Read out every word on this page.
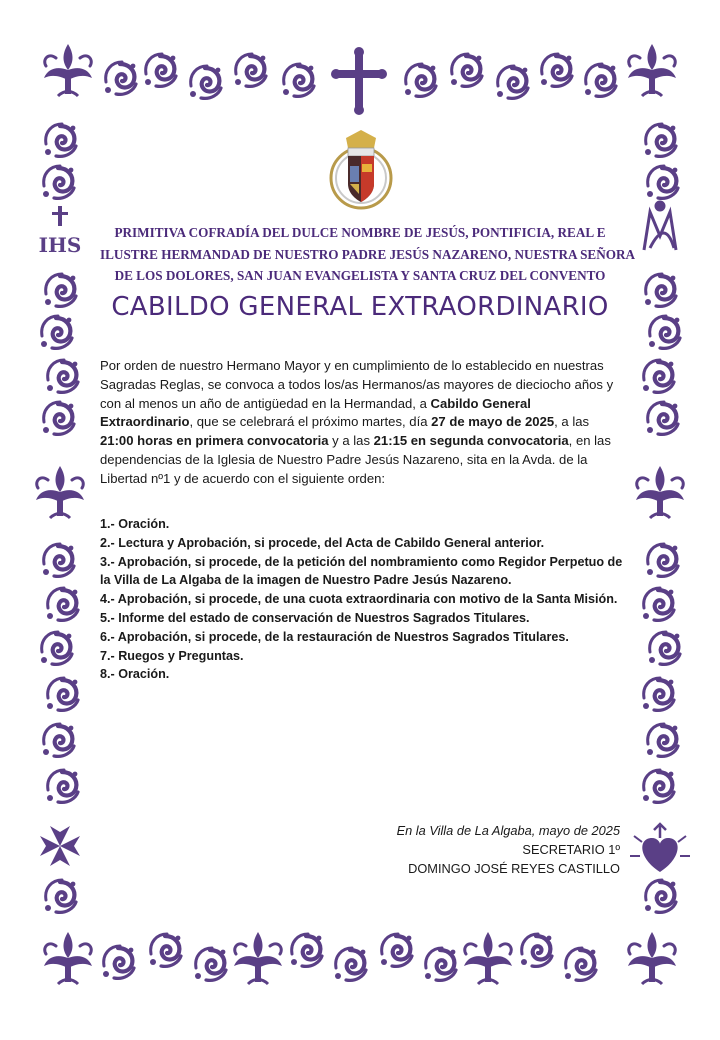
IHS
PRIMITIVA COFRADÍA DEL DULCE NOMBRE DE JESÚS, PONTIFICIA, REAL E
ILUSTRE HERMANDAD DE NUESTRO PADRE JESÚS NAZARENO, NUESTRA SEÑORA
DE LOS DOLORES, SAN JUAN EVANGELISTA Y SANTA CRUZ DEL CONVENTO
CABILDO GENERAL EXTRAORDINARIO
Por orden de nuestro Hermano Mayor y en cumplimiento de lo establecido en nuestras Sagradas Reglas, se convoca a todos los/as Hermanos/as mayores de dieciocho años y con al menos un año de antigüedad en la Hermandad, a Cabildo General Extraordinario, que se celebrará el próximo martes, día 27 de mayo de 2025, a las 21:00 horas en primera convocatoria y a las 21:15 en segunda convocatoria, en las dependencias de la Iglesia de Nuestro Padre Jesús Nazareno, sita en la Avda. de la Libertad nº1 y de acuerdo con el siguiente orden:
1.- Oración.
2.- Lectura y Aprobación, si procede, del Acta de Cabildo General anterior.
3.- Aprobación, si procede, de la petición del nombramiento como Regidor Perpetuo de la Villa de La Algaba de la imagen de Nuestro Padre Jesús Nazareno.
4.- Aprobación, si procede, de una cuota extraordinaria con motivo de la Santa Misión.
5.- Informe del estado de conservación de Nuestros Sagrados Titulares.
6.- Aprobación, si procede, de la restauración de Nuestros Sagrados Titulares.
7.- Ruegos y Preguntas.
8.- Oración.
En la Villa de La Algaba, mayo de 2025
SECRETARIO 1º
DOMINGO JOSÉ REYES CASTILLO
